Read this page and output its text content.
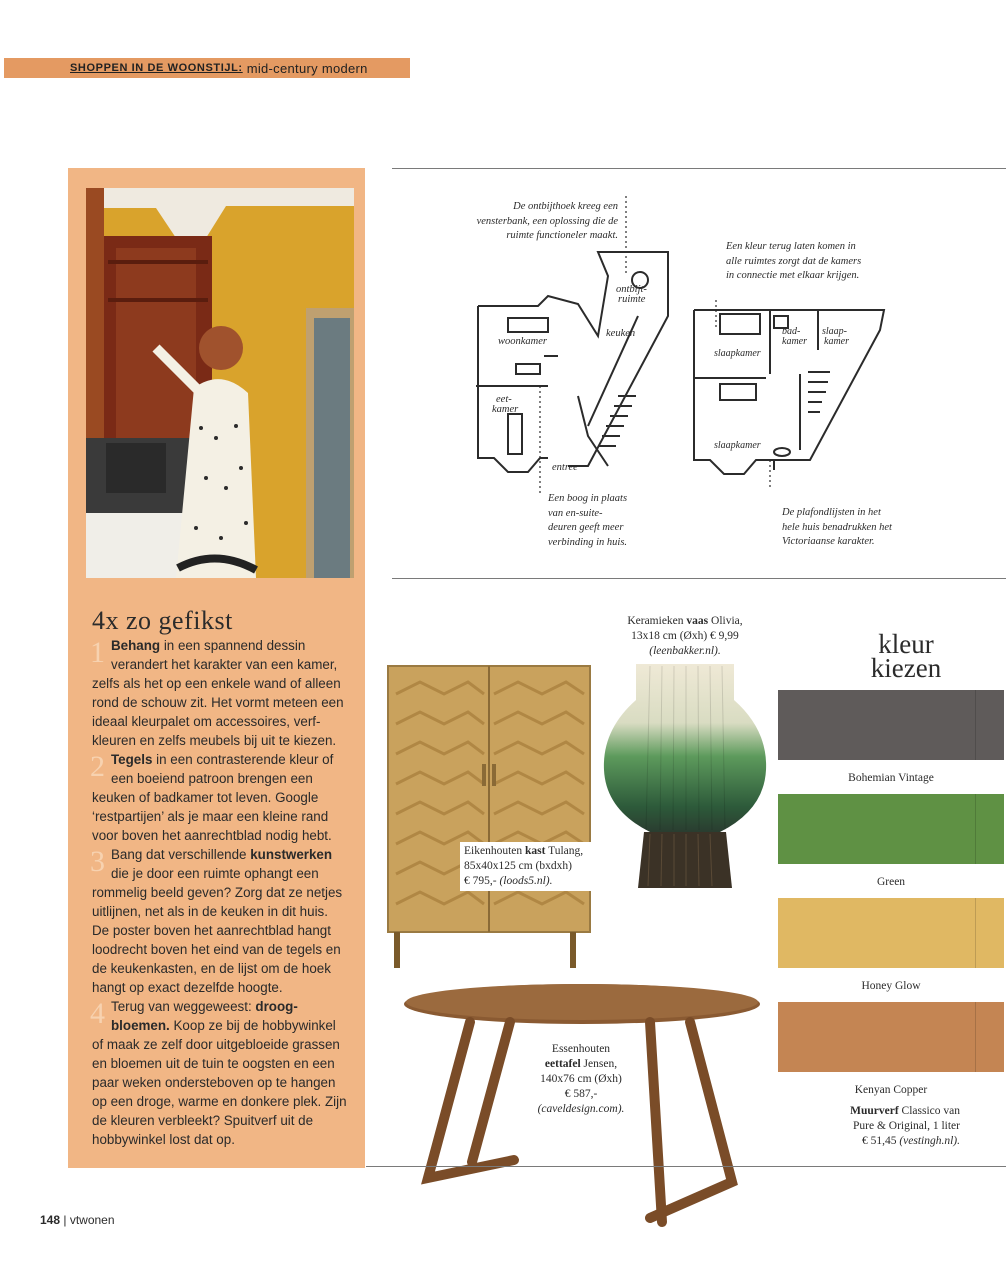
SHOPPEN IN DE WOONSTIJL: mid-century modern
4x zo gefikst

1 Behang in een spannend dessin verandert het karakter van een kamer, zelfs als het op een enkele wand of alleen rond de schouw zit. Het vormt meteen een ideaal kleurpalet om accessoires, verf-kleuren en zelfs meubels bij uit te kiezen.

2 Tegels in een contrasterende kleur of een boeiend patroon brengen een keuken of badkamer tot leven. Google ‘restpartijen’ als je maar een kleine rand voor boven het aanrechtblad nodig hebt.

3 Bang dat verschillende kunstwerken die je door een ruimte ophangt een rommelig beeld geven? Zorg dat ze netjes uitlijnen, net als in de keuken in dit huis. De poster boven het aanrechtblad hangt loodrecht boven het eind van de tegels en de keukenkasten, en de lijst om de hoek hangt op exact dezelfde hoogte.

4 Terug van weggeweest: droog-bloemen. Koop ze bij de hobbywinkel of maak ze zelf door uitgebloeide grassen en bloemen uit de tuin te oogsten en een paar weken ondersteboven op te hangen op een droge, warme en donkere plek. Zijn de kleuren verbleekt? Spuitverf uit de hobbywinkel lost dat op.

De ontbijthoek kreeg een
vensterbank, een oplossing die de
ruimte functioneler maakt.
Een kleur terug laten komen in
alle ruimtes zorgt dat de kamers
in connectie met elkaar krijgen.
Een boog in plaats
van en-suite-
deuren geeft meer
verbinding in huis.
De plafondlijsten in het
hele huis benadrukken het
Victoriaanse karakter.
ontbijt-
ruimte
keuken
woonkamer
eet-
kamer
entree
bad-
kamer
slaap-
kamer
slaapkamer
slaapkamer
Keramieken vaas Olivia,
13x18 cm (Øxh) € 9,99
(leenbakker.nl).
Eikenhouten kast Tulang,
85x40x125 cm (bxdxh)
€ 795,- (loods5.nl).
Essenhouten
eettafel Jensen,
140x76 cm (Øxh)
€ 587,-
(caveldesign.com).
kleur
kiezen
Bohemian Vintage
Green
Honey Glow
Kenyan Copper
Muurverf Classico van
Pure & Original, 1 liter
€ 51,45 (vestingh.nl).
148 | vtwonen
